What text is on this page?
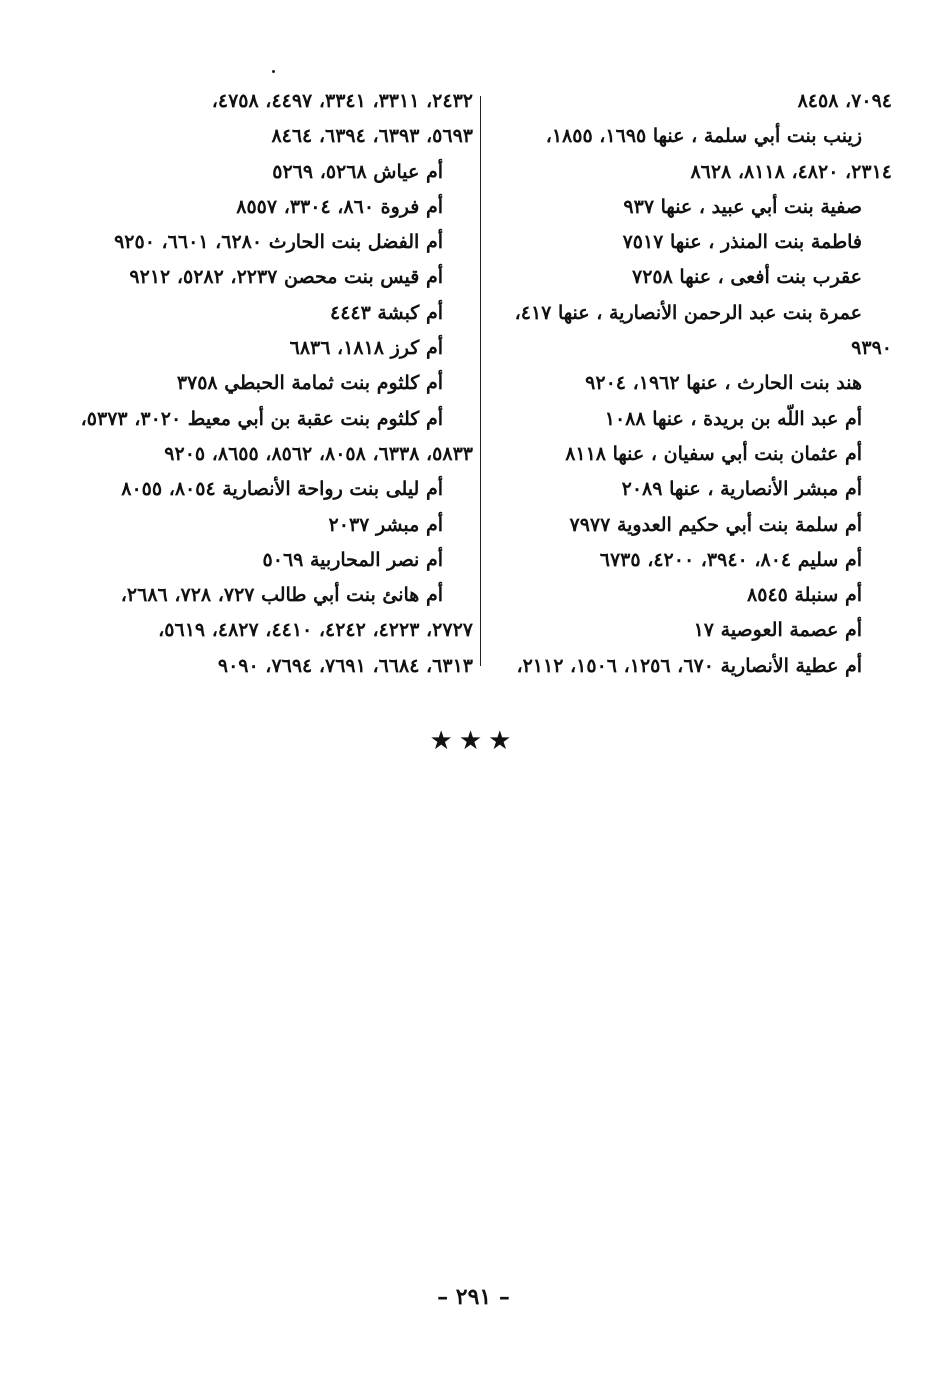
٧٠٩٤، ٨٤٥٨
زينب بنت أبي سلمة ، عنها ١٦٩٥، ١٨٥٥،
٢٣١٤، ٤٨٢٠، ٨١١٨، ٨٦٢٨
صفية بنت أبي عبيد ، عنها ٩٣٧
فاطمة بنت المنذر ، عنها ٧٥١٧
عقرب بنت أفعى ، عنها ٧٢٥٨
عمرة بنت عبد الرحمن الأنصارية ، عنها ٤١٧،
٩٣٩٠
هند بنت الحارث ، عنها ١٩٦٢، ٩٢٠٤
أم عبد اللّه بن بريدة ، عنها ١٠٨٨
أم عثمان بنت أبي سفيان ، عنها ٨١١٨
أم مبشر الأنصارية ، عنها ٢٠٨٩
أم سلمة بنت أبي حكيم العدوية ٧٩٧٧
أم سليم ٨٠٤، ٣٩٤٠، ٤٢٠٠، ٦٧٣٥
أم سنبلة ٨٥٤٥
أم عصمة العوصية ١٧
أم عطية الأنصارية ٦٧٠، ١٢٥٦، ١٥٠٦، ٢١١٢،
٢٤٣٢، ٣٣١١، ٣٣٤١، ٤٤٩٧، ٤٧٥٨،
٥٦٩٣، ٦٣٩٣، ٦٣٩٤، ٨٤٦٤
أم عياش ٥٢٦٨، ٥٢٦٩
أم فروة ٨٦٠، ٣٣٠٤، ٨٥٥٧
أم الفضل بنت الحارث ٦٢٨٠، ٦٦٠١، ٩٢٥٠
أم قيس بنت محصن ٢٢٣٧، ٥٢٨٢، ٩٢١٢
أم كبشة ٤٤٤٣
أم كرز ١٨١٨، ٦٨٣٦
أم كلثوم بنت ثمامة الحبطي ٣٧٥٨
أم كلثوم بنت عقبة بن أبي معيط ٣٠٢٠، ٥٣٧٣،
٥٨٣٣، ٦٣٣٨، ٨٠٥٨، ٨٥٦٢، ٨٦٥٥، ٩٢٠٥
أم ليلى بنت رواحة الأنصارية ٨٠٥٤، ٨٠٥٥
أم مبشر ٢٠٣٧
أم نصر المحاربية ٥٠٦٩
أم هانئ بنت أبي طالب ٧٢٧، ٧٢٨، ٢٦٨٦،
٢٧٢٧، ٤٢٢٣، ٤٢٤٢، ٤٤١٠، ٤٨٢٧، ٥٦١٩،
٦٣١٣، ٦٦٨٤، ٧٦٩١، ٧٦٩٤، ٩٠٩٠
★★★
– ٢٩١ –
